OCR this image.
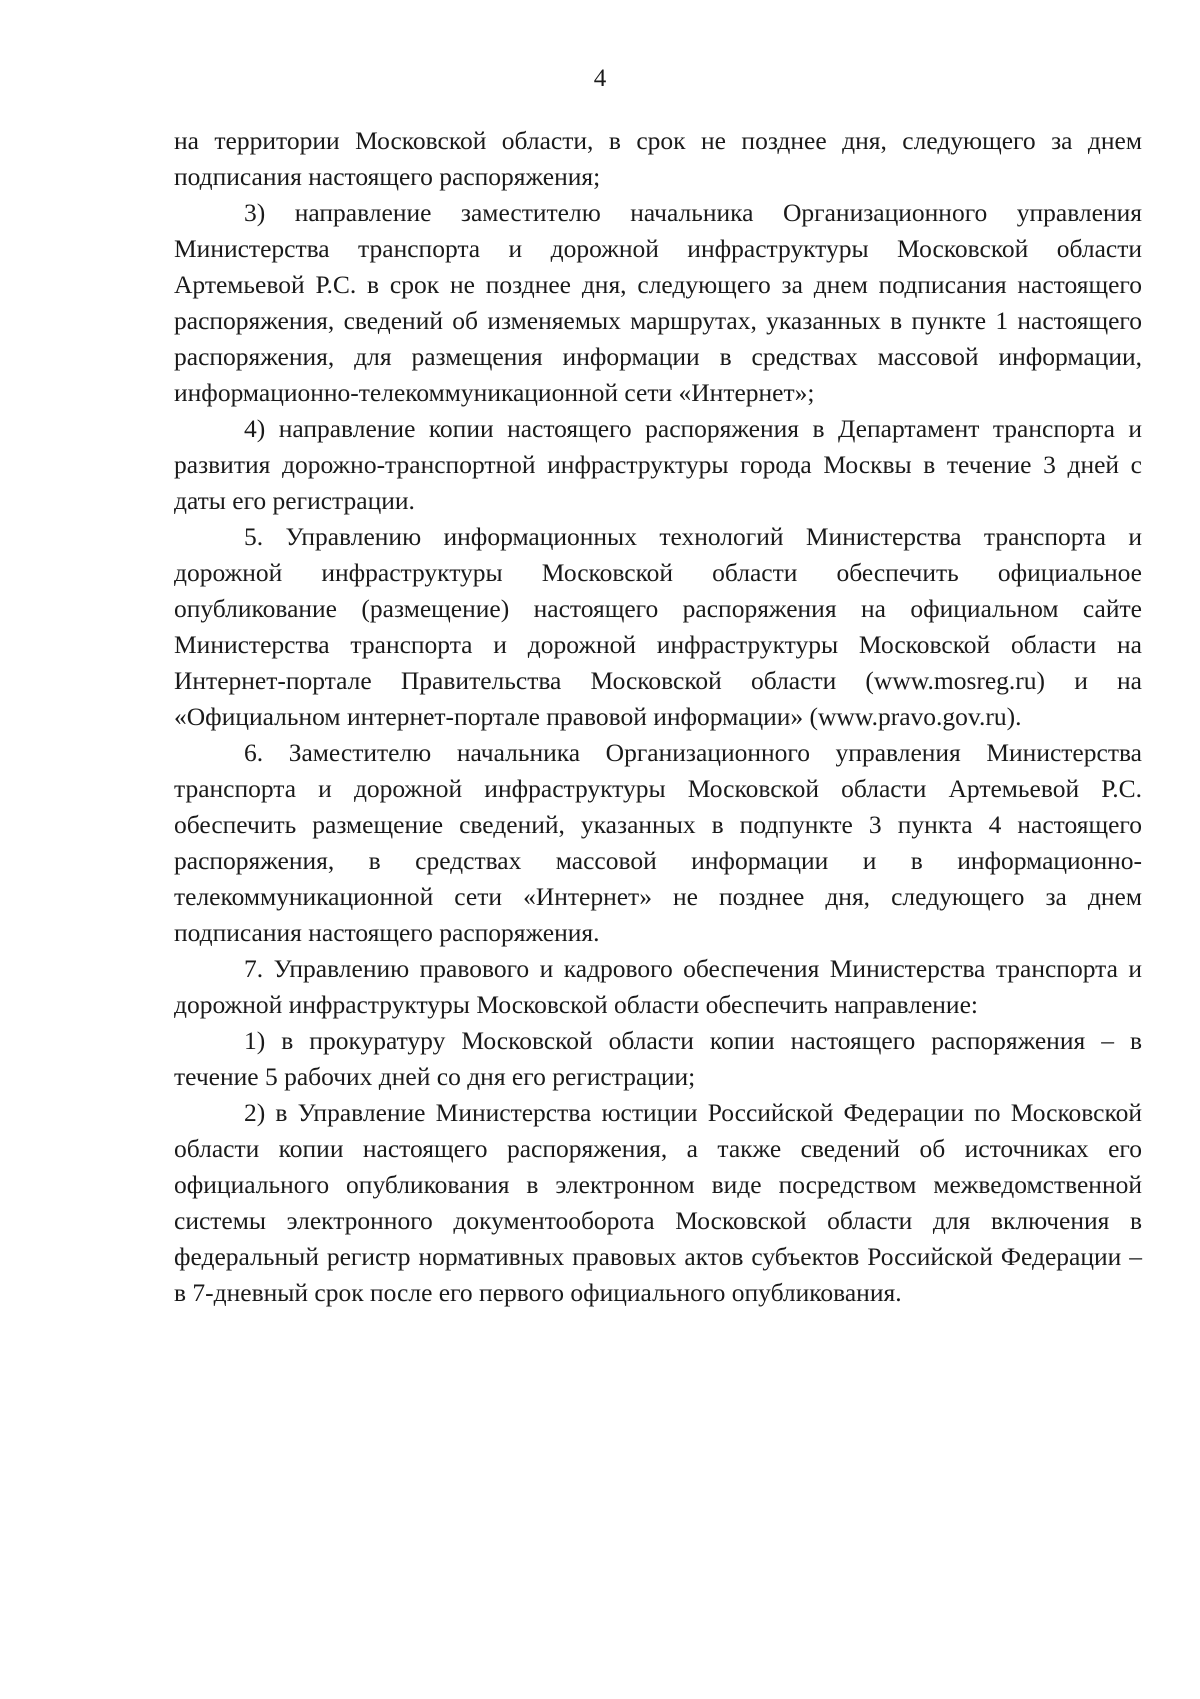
4

на территории Московской области, в срок не позднее дня, следующего за днем подписания настоящего распоряжения;

3) направление заместителю начальника Организационного управления Министерства транспорта и дорожной инфраструктуры Московской области Артемьевой Р.С. в срок не позднее дня, следующего за днем подписания настоящего распоряжения, сведений об изменяемых маршрутах, указанных в пункте 1 настоящего распоряжения, для размещения информации в средствах массовой информации, информационно-телекоммуникационной сети «Интернет»;

4) направление копии настоящего распоряжения в Департамент транспорта и развития дорожно-транспортной инфраструктуры города Москвы в течение 3 дней с даты его регистрации.

5. Управлению информационных технологий Министерства транспорта и дорожной инфраструктуры Московской области обеспечить официальное опубликование (размещение) настоящего распоряжения на официальном сайте Министерства транспорта и дорожной инфраструктуры Московской области на Интернет-портале Правительства Московской области (www.mosreg.ru) и на «Официальном интернет-портале правовой информации» (www.pravo.gov.ru).

6. Заместителю начальника Организационного управления Министерства транспорта и дорожной инфраструктуры Московской области Артемьевой Р.С. обеспечить размещение сведений, указанных в подпункте 3 пункта 4 настоящего распоряжения, в средствах массовой информации и в информационно-телекоммуникационной сети «Интернет» не позднее дня, следующего за днем подписания настоящего распоряжения.

7. Управлению правового и кадрового обеспечения Министерства транспорта и дорожной инфраструктуры Московской области обеспечить направление:

1) в прокуратуру Московской области копии настоящего распоряжения – в течение 5 рабочих дней со дня его регистрации;

2) в Управление Министерства юстиции Российской Федерации по Московской области копии настоящего распоряжения, а также сведений об источниках его официального опубликования в электронном виде посредством межведомственной системы электронного документооборота Московской области для включения в федеральный регистр нормативных правовых актов субъектов Российской Федерации – в 7-дневный срок после его первого официального опубликования.
